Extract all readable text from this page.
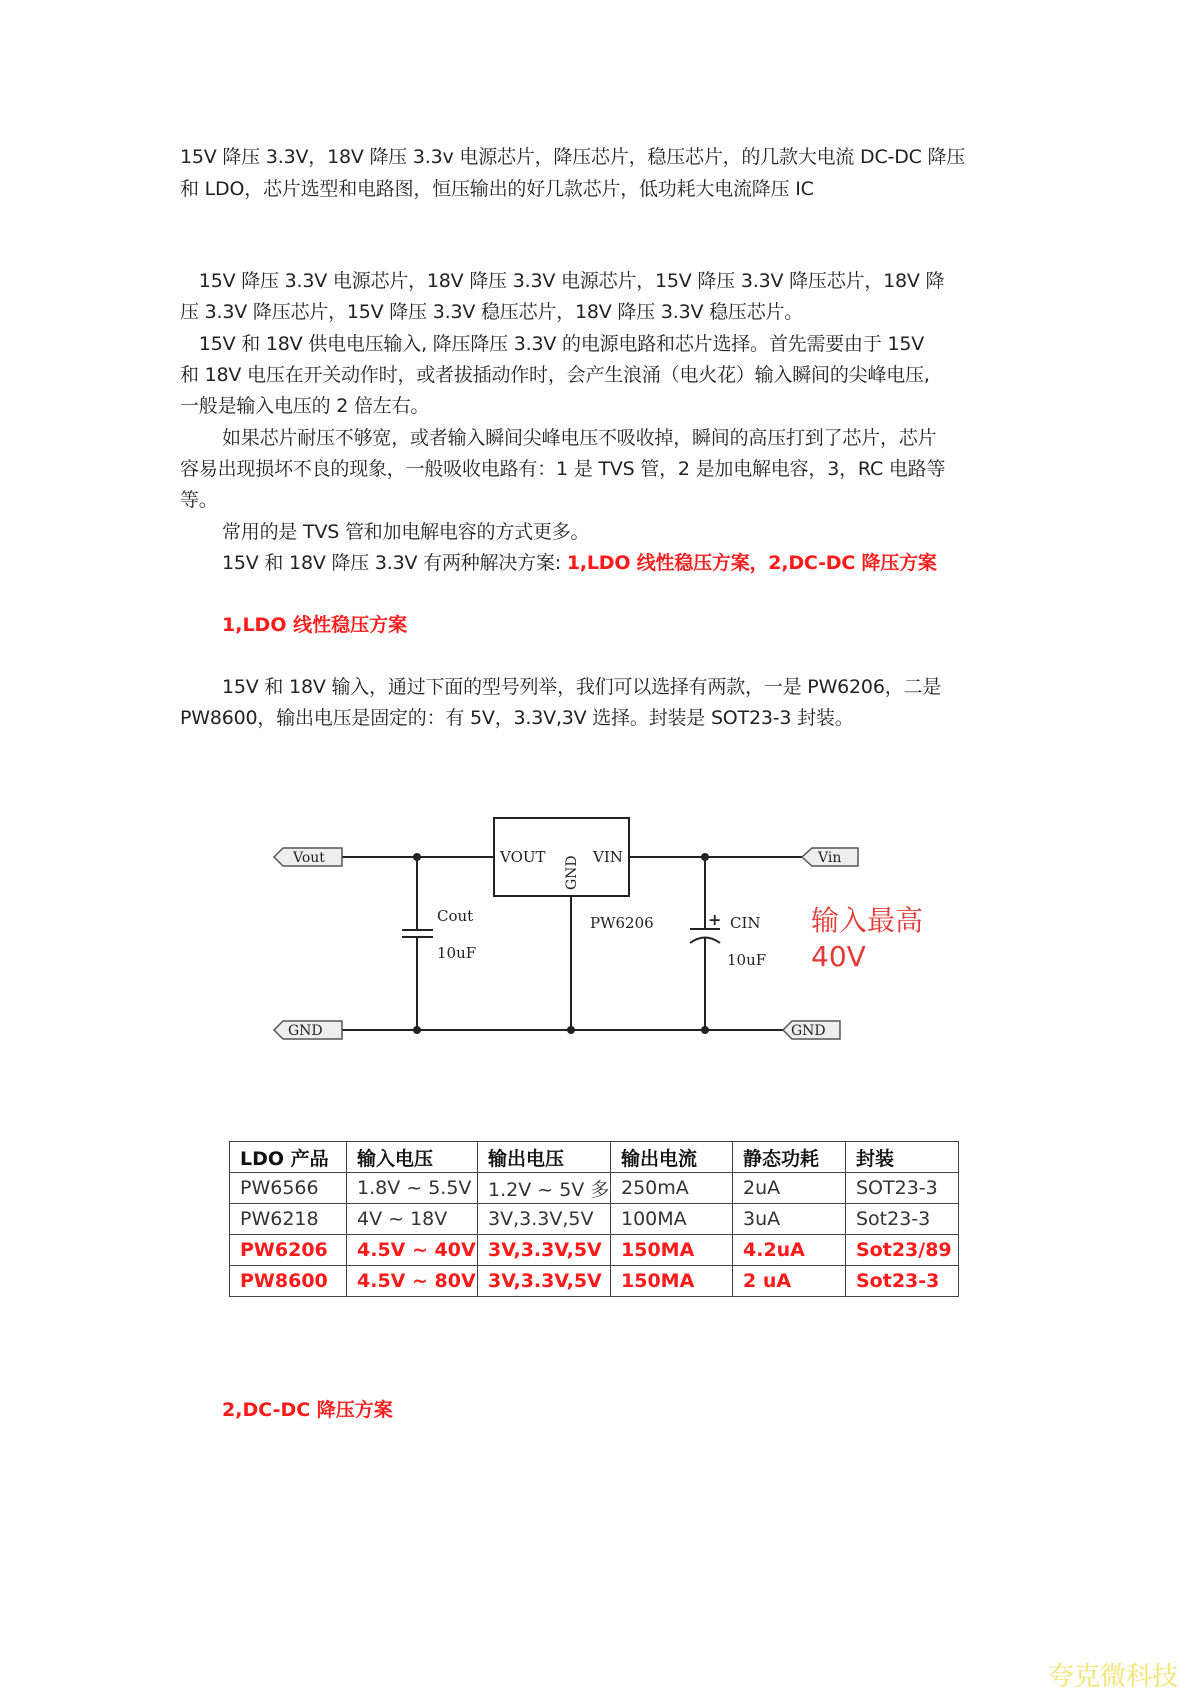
15V 降压 3.3V，18V 降压 3.3v 电源芯片，降压芯片，稳压芯片，的几款大电流 DC-DC 降压
和 LDO，芯片选型和电路图，恒压输出的好几款芯片，低功耗大电流降压 IC
　15V 降压 3.3V 电源芯片，18V 降压 3.3V 电源芯片，15V 降压 3.3V 降压芯片，18V 降
压 3.3V 降压芯片，15V 降压 3.3V 稳压芯片，18V 降压 3.3V 稳压芯片。
　15V 和 18V 供电电压输入, 降压降压 3.3V 的电源电路和芯片选择。首先需要由于 15V
和 18V 电压在开关动作时，或者拔插动作时，会产生浪涌（电火花）输入瞬间的尖峰电压,
一般是输入电压的 2 倍左右。
如果芯片耐压不够宽，或者输入瞬间尖峰电压不吸收掉，瞬间的高压打到了芯片，芯片
容易出现损坏不良的现象，一般吸收电路有：1 是 TVS 管，2 是加电解电容，3，RC 电路等
等。
常用的是 TVS 管和加电解电容的方式更多。
15V 和 18V 降压 3.3V 有两种解决方案: 1,LDO 线性稳压方案，2,DC-DC 降压方案
1,LDO 线性稳压方案
15V 和 18V 输入，通过下面的型号列举，我们可以选择有两款，一是 PW6206，二是
PW8600，输出电压是固定的：有 5V，3.3V,3V 选择。封装是 SOT23-3 封装。
Vout
GND
Vin
GND
VOUT	VIN
GND
PW6206
Cout
10uF
+ CIN
10uF
输入最高
40V
LDO 产品	输入电压	输出电压	输出电流	静态功耗	封装
PW6566	1.8V ~ 5.5V	1.2V ~ 5V 多	250mA	2uA	SOT23-3
PW6218	4V ~ 18V	3V,3.3V,5V	100MA	3uA	Sot23-3
PW6206	4.5V ~ 40V	3V,3.3V,5V	150MA	4.2uA	Sot23/89
PW8600	4.5V ~ 80V	3V,3.3V,5V	150MA	2 uA	Sot23-3
2,DC-DC 降压方案
夸克微科技
